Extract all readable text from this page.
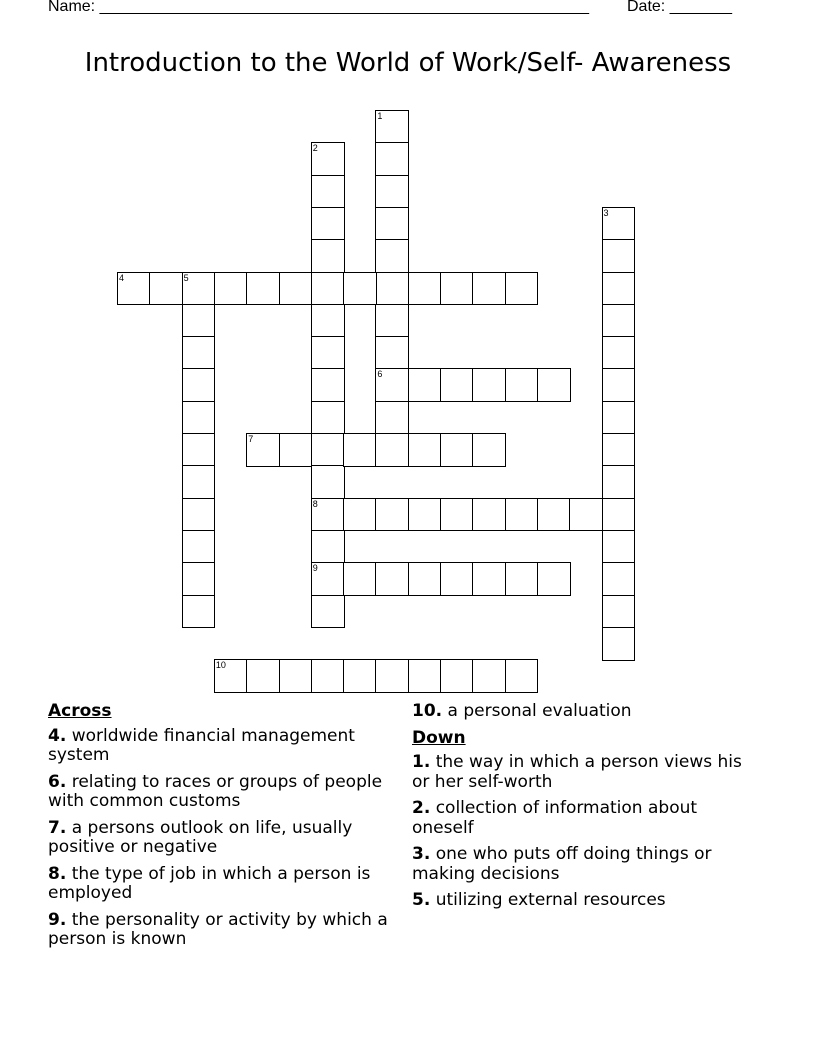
Name: _______________________________________________________ Date: _______
Introduction to the World of Work/Self- Awareness
1
6
2
8
9
3
4	5
7
10
Across
4. worldwide financial management system
6. relating to races or groups of people with common customs
7. a persons outlook on life, usually positive or negative
8. the type of job in which a person is employed
9. the personality or activity by which a person is known
10. a personal evaluation
Down
1. the way in which a person views his or her self-worth
2. collection of information about oneself
3. one who puts off doing things or making decisions
5. utilizing external resources
